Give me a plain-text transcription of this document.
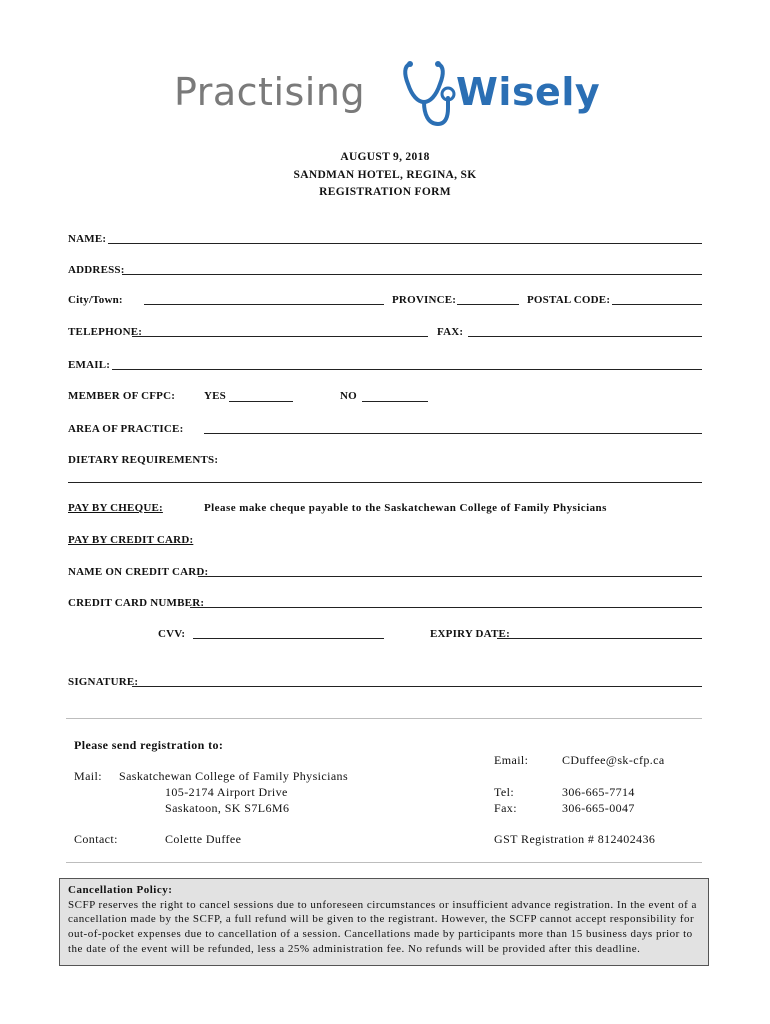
Practising Wisely
AUGUST 9, 2018
SANDMAN HOTEL, REGINA, SK
REGISTRATION FORM
NAME:
ADDRESS:
City/Town:	PROVINCE:	POSTAL CODE:
TELEPHONE:	FAX:
EMAIL:
MEMBER OF CFPC:	YES	NO
AREA OF PRACTICE:
DIETARY REQUIREMENTS:
PAY BY CHEQUE:	Please make cheque payable to the Saskatchewan College of Family Physicians
PAY BY CREDIT CARD:
NAME ON CREDIT CARD:
CREDIT CARD NUMBER:
CVV:	EXPIRY DATE:
SIGNATURE:
Please send registration to:
Email:	CDuffee@sk-cfp.ca
Mail: Saskatchewan College of Family Physicians
105-2174 Airport Drive
Saskatoon, SK S7L6M6
Tel:	306-665-7714
Fax:	306-665-0047
Contact:	Colette Duffee	GST Registration # 812402436
Cancellation Policy:
SCFP reserves the right to cancel sessions due to unforeseen circumstances or insufficient advance registration. In the event of a cancellation made by the SCFP, a full refund will be given to the registrant. However, the SCFP cannot accept responsibility for out-of-pocket expenses due to cancellation of a session. Cancellations made by participants more than 15 business days prior to the date of the event will be refunded, less a 25% administration fee. No refunds will be provided after this deadline.
